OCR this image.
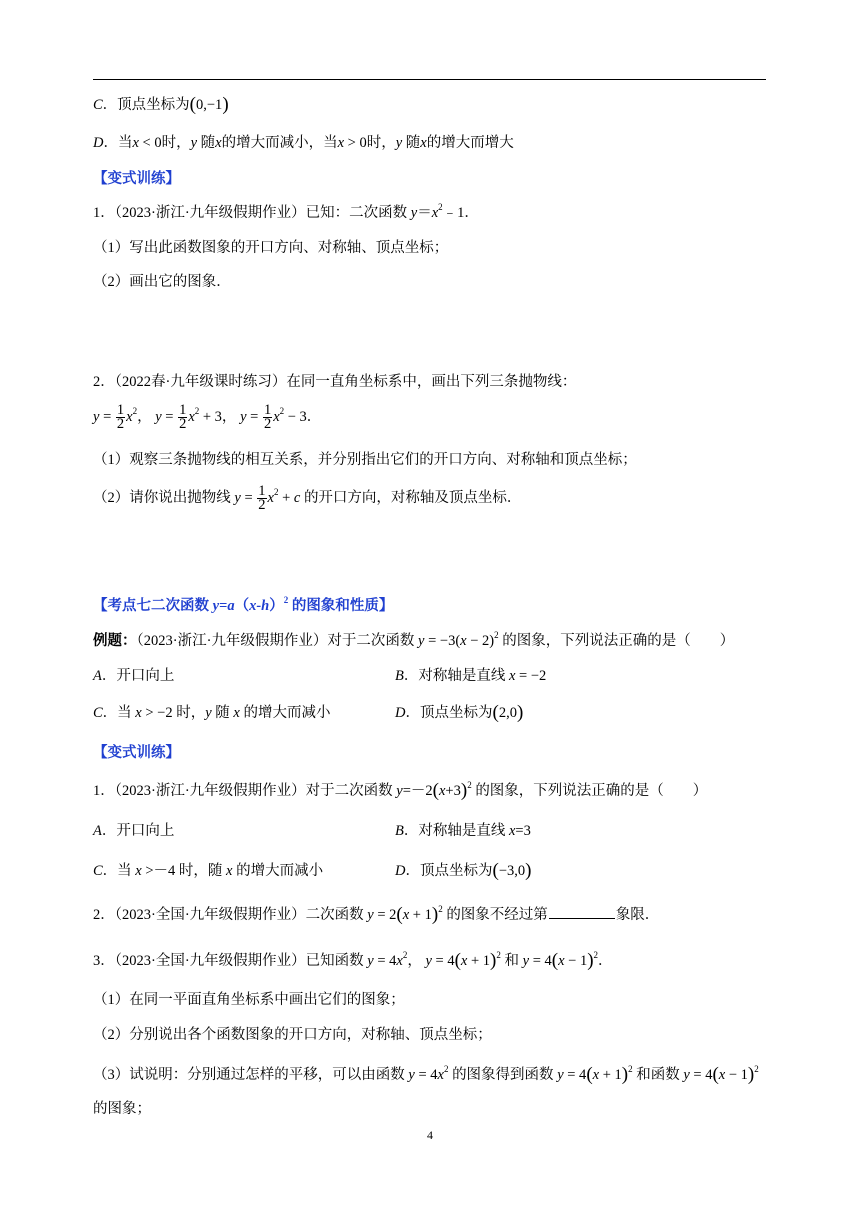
C．顶点坐标为(0,−1)
D．当x < 0时，y 随x的增大而减小，当x > 0时，y 随x的增大而增大
【变式训练】
1．（2023·浙江·九年级假期作业）已知：二次函数 $y=x^2﹣1$．
（1）写出此函数图象的开口方向、对称轴、顶点坐标；
（2）画出它的图象．
2．（2022春·九年级课时练习）在同一直角坐标系中，画出下列三条抛物线：
$y = \frac{1}{2} x^2$， $y = \frac{1}{2} x^2 + 3$， $y = \frac{1}{2} x^2 - 3$．
（1）观察三条抛物线的相互关系，并分别指出它们的开口方向、对称轴和顶点坐标；
（2）请你说出抛物线 $y = \frac{1}{2} x^2 + c$ 的开口方向，对称轴及顶点坐标．
【考点七二次函数 $y=a(x-h)^2$ 的图象和性质】
例题：（2023·浙江·九年级假期作业）对于二次函数 $y = -3(x - 2)^2$ 的图象，下列说法正确的是（　　）
A．开口向上	B．对称轴是直线 x = −2
C．当 x > −2 时，y 随 x 的增大而减小	D．顶点坐标为(2,0)
【变式训练】
1．（2023·浙江·九年级假期作业）对于二次函数 $y=-2(x+3)^2$ 的图象，下列说法正确的是（　　）
A．开口向上	B．对称轴是直线 x=3
C．当 x >－4 时，随 x 的增大而减小	D．顶点坐标为(−3,0)
2．（2023·全国·九年级假期作业）二次函数 $y = 2(x + 1)^2$ 的图象不经过第	象限．
3．（2023·全国·九年级假期作业）已知函数 $y = 4x^2$， $y = 4(x + 1)^2$ 和 $y = 4(x - 1)^2$．
（1）在同一平面直角坐标系中画出它们的图象；
（2）分别说出各个函数图象的开口方向，对称轴、顶点坐标；
（3）试说明：分别通过怎样的平移，可以由函数 $y = 4x^2$ 的图象得到函数 $y = 4(x + 1)^2$ 和函数 $y = 4(x - 1)^2$
的图象；
4
